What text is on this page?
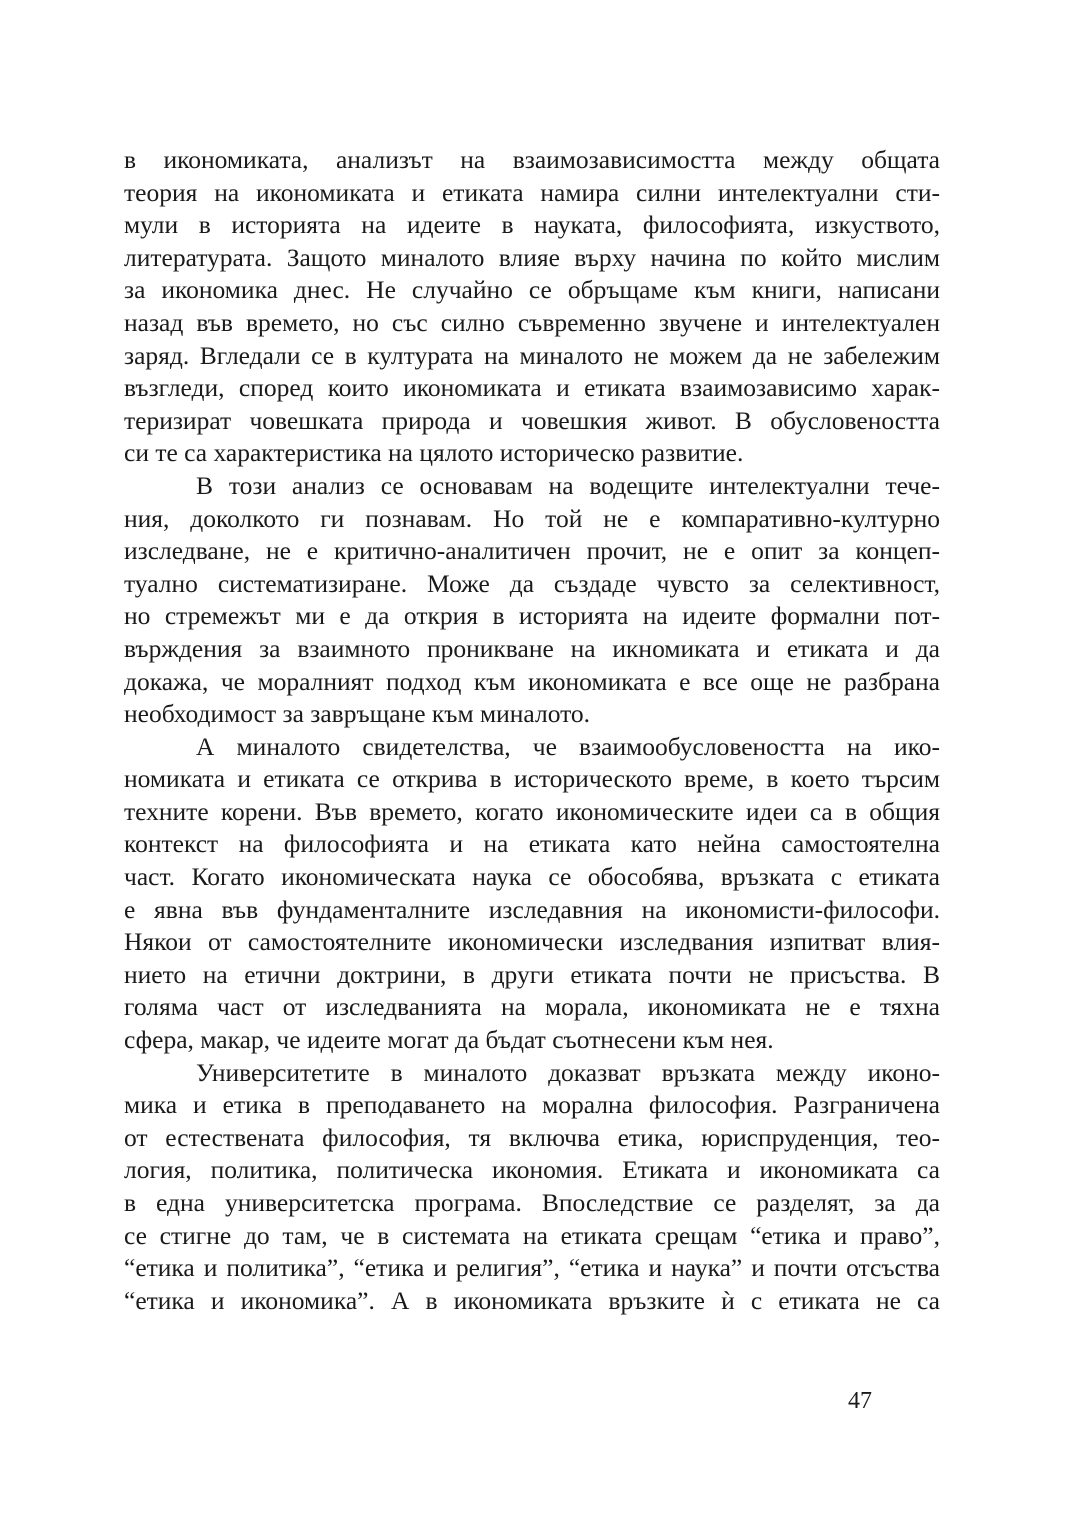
в икономиката, анализът на взаимозависимостта между общата
теория на икономиката и етиката намира силни интелектуални сти-
мули в историята на идеите в науката, философията, изкуството,
литературата. Защото миналото влияе върху начина по който мислим
за икономика днес. Не случайно се обръщаме към книги, написани
назад във времето, но със силно съвременно звучене и интелектуален
заряд. Вгледали се в културата на миналото не можем да не забележим
възгледи, според които икономиката и етиката взаимозависимо харак-
теризират човешката природа и човешкия живот. В обусловеността
си те са характеристика на цялото историческо развитие.
В този анализ се основавам на водещите интелектуални тече-
ния, доколкото ги познавам. Но той не е компаративно-културно
изследване, не е критично-аналитичен прочит, не е опит за концеп-
туално систематизиране. Може да създаде чувсто за селективност,
но стремежът ми е да открия в историята на идеите формални пот-
върждения за взаимното проникване на икномиката и етиката и да
докажа, че моралният подход към икономиката е все още не разбрана
необходимост за завръщане към миналото.
А миналото свидетелства, че взаимообусловеността на ико-
номиката и етиката се открива в историческото време, в което търсим
техните корени. Във времето, когато икономическите идеи са в общия
контекст на философията и на етиката като нейна самостоятелна
част. Когато икономическата наука се обособява, връзката с етиката
е явна във фундаменталните изследавния на икономисти-философи.
Някои от самостоятелните икономически изследвания изпитват влия-
нието на етични доктрини, в други етиката почти не присъства. В
голяма част от изследванията на морала, икономиката не е тяхна
сфера, макар, че идеите могат да бъдат съотнесени към нея.
Университетите в миналото доказват връзката между иконо-
мика и етика в преподаването на морална философия. Разграничена
от естествената философия, тя включва етика, юриспруденция, тео-
логия, политика, политическа икономия. Етиката и икономиката са
в една университетска програма. Впоследствие се разделят, за да
се стигне до там, че в системата на етиката срещам “етика и право”,
“етика и политика”, “етика и религия”, “етика и наука” и почти отсъства
“етика и икономика”. А в икономиката връзките ѝ с етиката не са
47
